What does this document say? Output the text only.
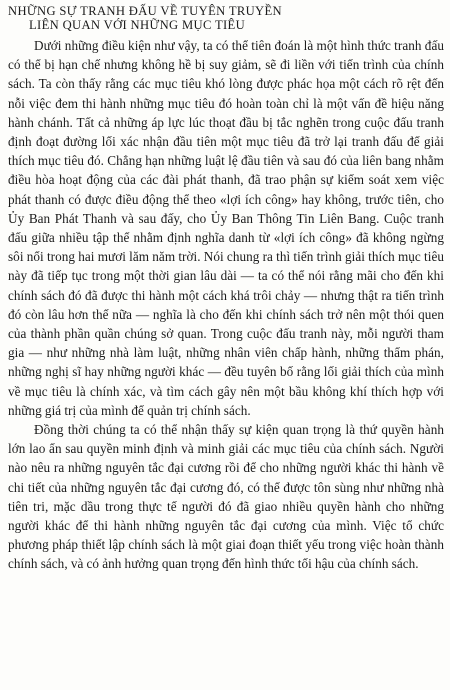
NHỮNG SỰ TRANH ĐẤU VỀ TUYÊN TRUYỀN
LIÊN QUAN VỚI NHỮNG MỤC TIÊU

Dưới những điều kiện như vậy, ta có thể tiên đoán là một hình thức tranh đấu có thể bị hạn chế nhưng không hề bị suy giảm, sẽ đi liền với tiến trình của chính sách. Ta còn thấy rằng các mục tiêu khó lòng được phác họa một cách rõ rệt đến nỗi việc đem thi hành những mục tiêu đó hoàn toàn chỉ là một vấn đề hiệu năng hành chánh. Tất cả những áp lực lúc thoạt đầu bị tắc nghẽn trong cuộc đấu tranh định đoạt đường lối xác nhận đầu tiên một mục tiêu đã trở lại tranh đấu để giải thích mục tiêu đó. Chẳng hạn những luật lệ đầu tiên và sau đó của liên bang nhằm điều hòa hoạt động của các đài phát thanh, đã trao phận sự kiểm soát xem việc phát thanh có được điều động thể theo «lợi ích công» hay không, trước tiên, cho Ủy Ban Phát Thanh và sau đấy, cho Ủy Ban Thông Tin Liên Bang. Cuộc tranh đấu giữa nhiều tập thể nhằm định nghĩa danh từ «lợi ích công» đã không ngừng sôi nổi trong hai mươi lăm năm trời. Nói chung ra thì tiến trình giải thích mục tiêu này đã tiếp tục trong một thời gian lâu dài — ta có thể nói rằng mãi cho đến khi chính sách đó đã được thi hành một cách khá trôi chảy — nhưng thật ra tiến trình đó còn lâu hơn thế nữa — nghĩa là cho đến khi chính sách trở nên một thói quen của thành phần quần chúng sở quan. Trong cuộc đấu tranh này, mỗi người tham gia — như những nhà làm luật, những nhân viên chấp hành, những thẩm phán, những nghị sĩ hay những người khác — đều tuyên bố rằng lối giải thích của mình về mục tiêu là chính xác, và tìm cách gây nên một bầu không khí thích hợp với những giá trị của mình để quản trị chính sách.

Đồng thời chúng ta có thể nhận thấy sự kiện quan trọng là thứ quyền hành lớn lao ẩn sau quyền minh định và minh giải các mục tiêu của chính sách. Người nào nêu ra những nguyên tắc đại cương rồi để cho những người khác thi hành về chi tiết của những nguyên tắc đại cương đó, có thể được tôn sùng như những nhà tiên tri, mặc dầu trong thực tế người đó đã giao nhiều quyền hành cho những người khác để thi hành những nguyên tắc đại cương của mình. Việc tổ chức phương pháp thiết lập chính sách là một giai đoạn thiết yếu trong việc hoàn thành chính sách, và có ảnh hưởng quan trọng đến hình thức tối hậu của chính sách.
